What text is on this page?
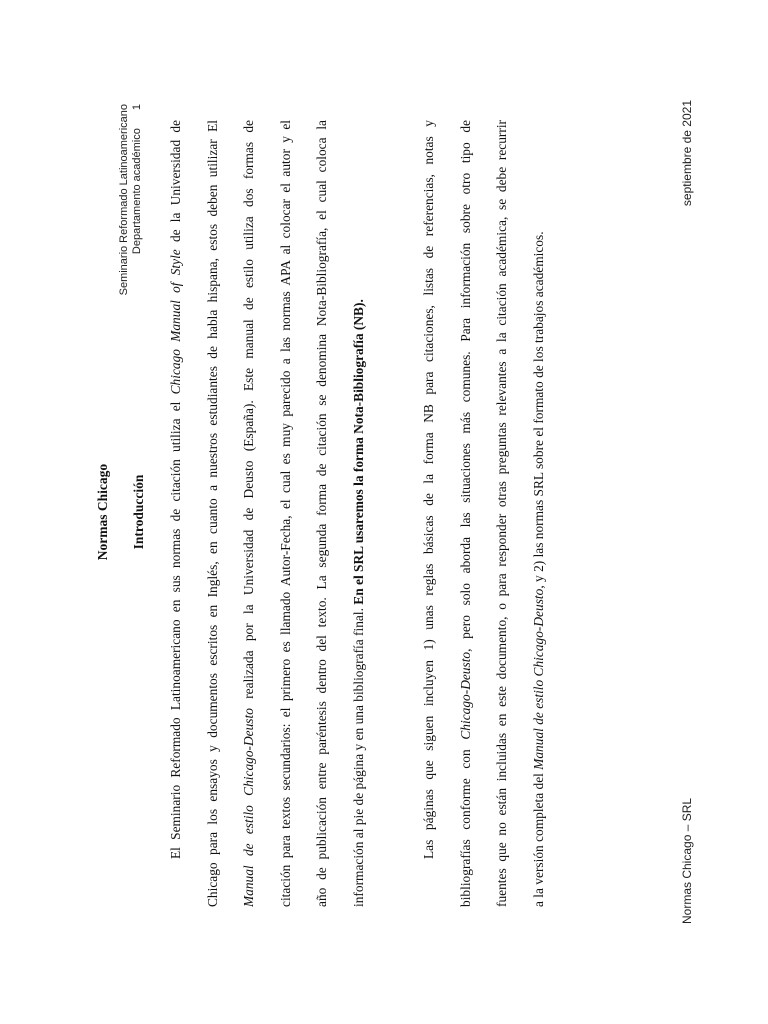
Seminario Reformado Latinoamericano Departamento académico
1
Normas Chicago Introducción El Seminario Reformado Latinoamericano en sus normas de citación utiliza el Chicago Manual of Style de la Universidad de	Chicago para los ensayos y documentos escritos en Inglés, en cuanto a nuestros estudiantes de habla hispana, estos deben utilizar El	Manual de estilo Chicago-Deusto realizada por la Universidad de Deusto (España). Este manual de estilo utiliza dos formas de	citación para textos secundarios: el primero es llamado Autor-Fecha, el cual es muy parecido a las normas APA al colocar el autor y el	año de publicación entre paréntesis dentro del texto. La segunda forma de citación se denomina Nota-Bibliografía, el cual coloca la	información al pie de página y en una bibliografía final. En el SRL usaremos la forma Nota-Bibliografía (NB).	Las páginas que siguen incluyen 1) unas reglas básicas de la forma NB para citaciones, listas de referencias, notas y	bibliografías conforme con Chicago-Deusto, pero solo aborda las situaciones más comunes. Para información sobre otro tipo de	fuentes que no están incluidas en este documento, o para responder otras preguntas relevantes a la citación académica, se debe recurrir	a la versión completa del Manual de estilo Chicago-Deusto, y 2) las normas SRL sobre el formato de los trabajos académicos.
Normas Chicago – SRL
septiembre de 2021
